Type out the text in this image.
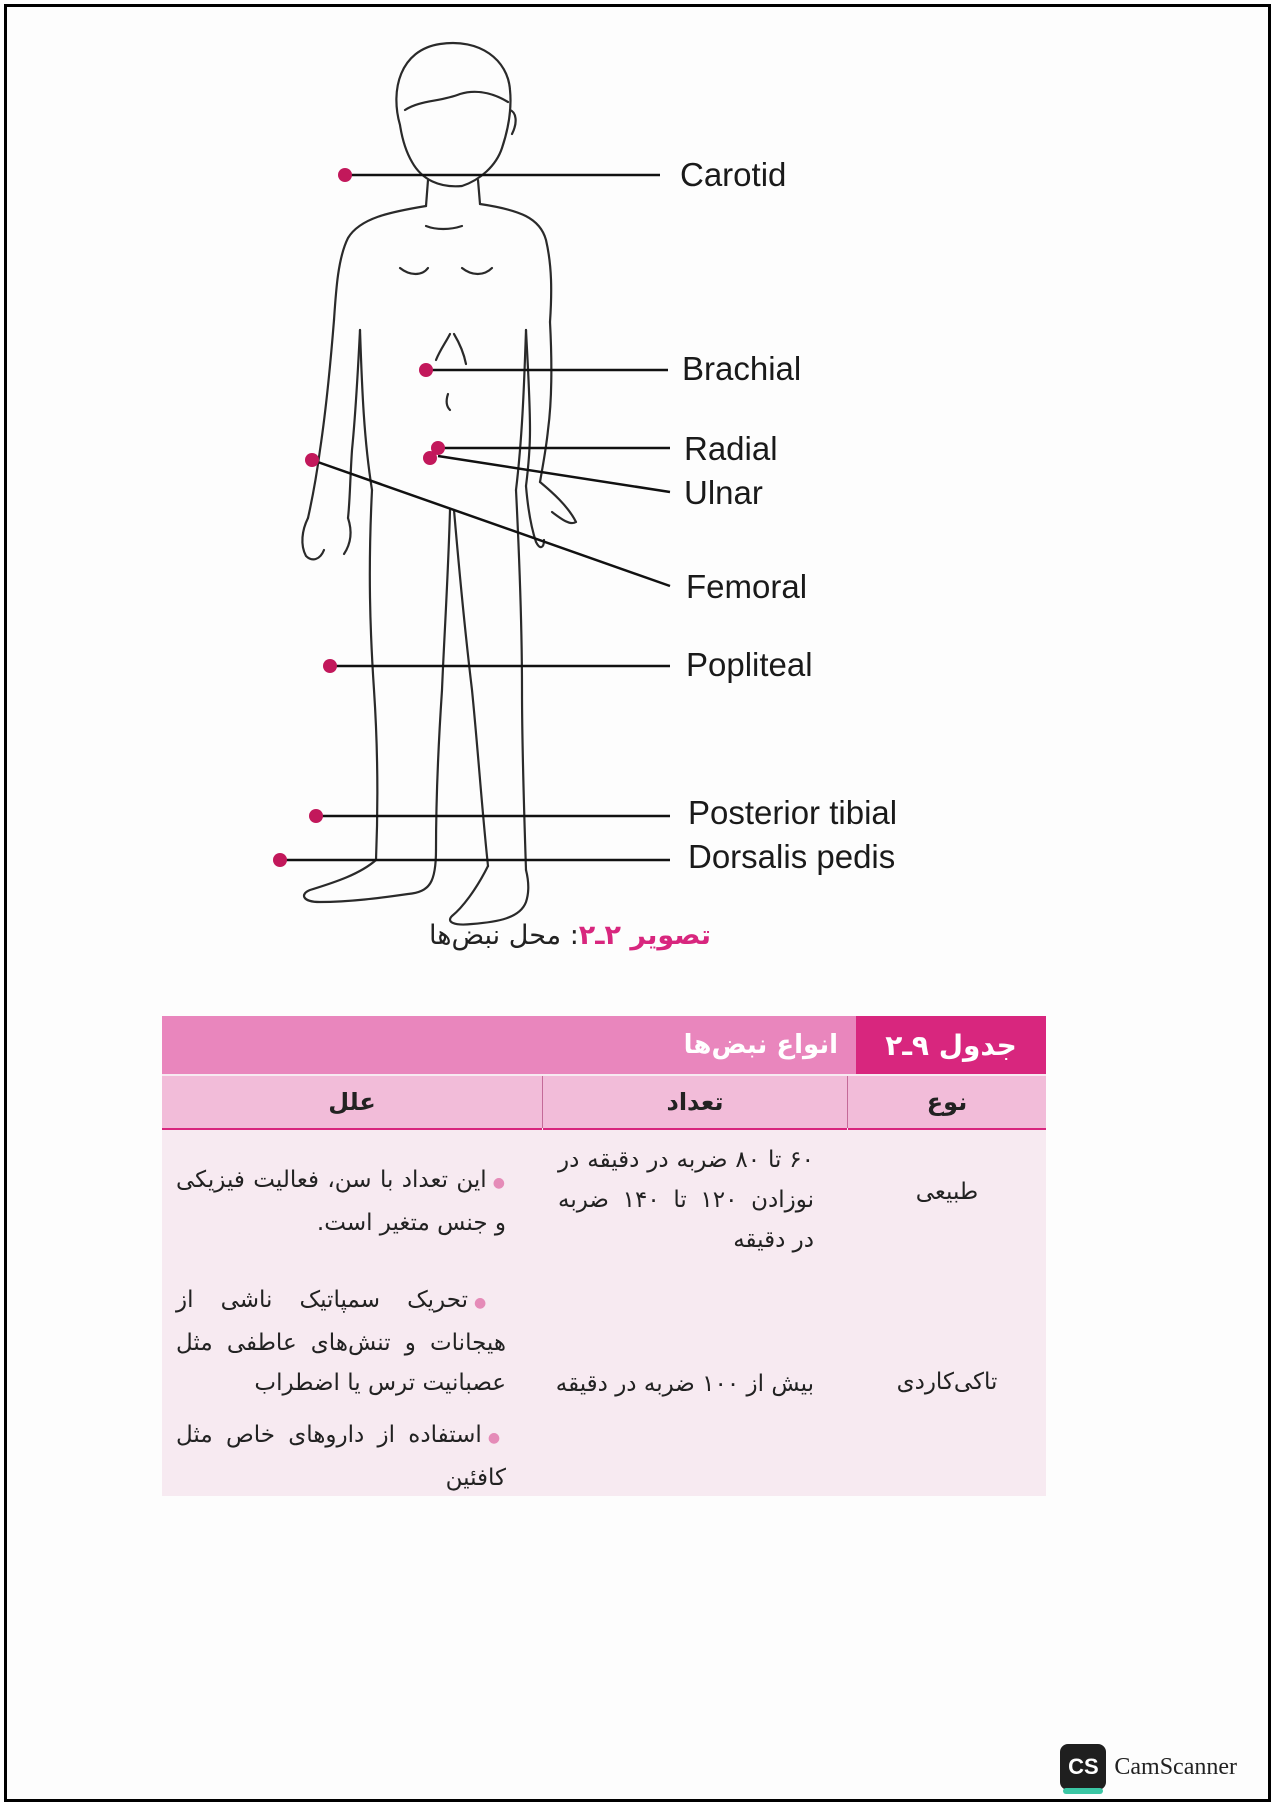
Carotid
Brachial
Radial
Ulnar
Femoral
Popliteal
Posterior tibial
Dorsalis pedis
تصویر ۲ـ۲: محل نبض‌ها
جدول ۹ـ۲
انواع نبض‌ها
نوع
تعداد
علل
طبیعی
۶۰ تا ۸۰ ضربه در دقیقه در نوزادن ۱۲۰ تا ۱۴۰ ضربه در دقیقه

●این تعداد با سن، فعالیت فیزیکی و جنس متغیر است.

تاکی‌کاردی
بیش از ۱۰۰ ضربه در دقیقه

●تحریک سمپاتیک ناشی از هیجانات و تنش‌های عاطفی مثل عصبانیت ترس یا اضطراب

●استفاده از داروهای خاص مثل کافئین

CS CamScanner
